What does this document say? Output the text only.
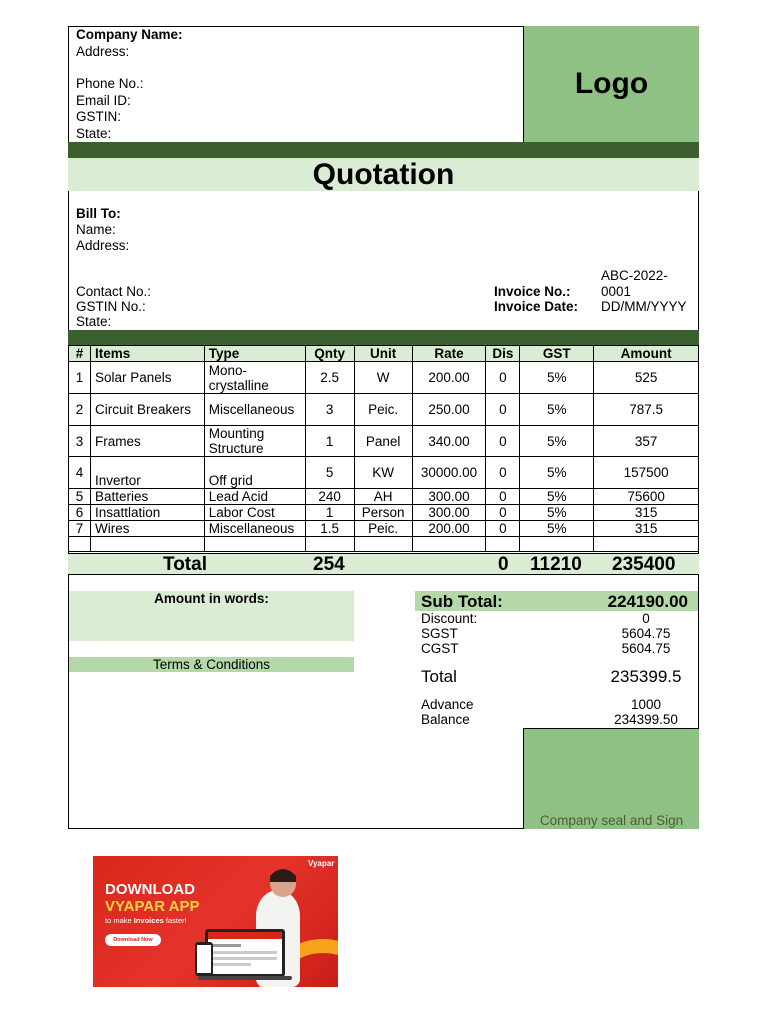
Company Name:
Address:
Phone No.:
Email ID:
GSTIN:
State:
Logo
Quotation
Bill To:
Name:
Address:
Contact No.:
GSTIN No.:
State:
Invoice No.:
ABC-2022-
0001
Invoice Date: DD/MM/YYYY
#	Items	Type	Qnty	Unit	Rate	Dis	GST	Amount
1	Solar Panels	Mono-crystalline	2.5	W	200.00	0	5%	525
2	Circuit Breakers	Miscellaneous	3	Peic.	250.00	0	5%	787.5
3	Frames	Mounting Structure	1	Panel	340.00	0	5%	357
4	Invertor	Off grid	5	KW	30000.00	0	5%	157500
5	Batteries	Lead Acid	240	AH	300.00	0	5%	75600
6	Insattlation	Labor Cost	1	Person	300.00	0	5%	315
7	Wires	Miscellaneous	1.5	Peic.	200.00	0	5%	315

Total	254	0 11210 235400
Amount in words:
Terms & Conditions
Sub Total:	224190.00
Discount:	0
SGST	5604.75
CGST	5604.75
Total	235399.5
Advance	1000
Balance	234399.50
Company seal and Sign
Vyapar
DOWNLOAD
VYAPAR APP
to make Invoices faster!
Download Now
